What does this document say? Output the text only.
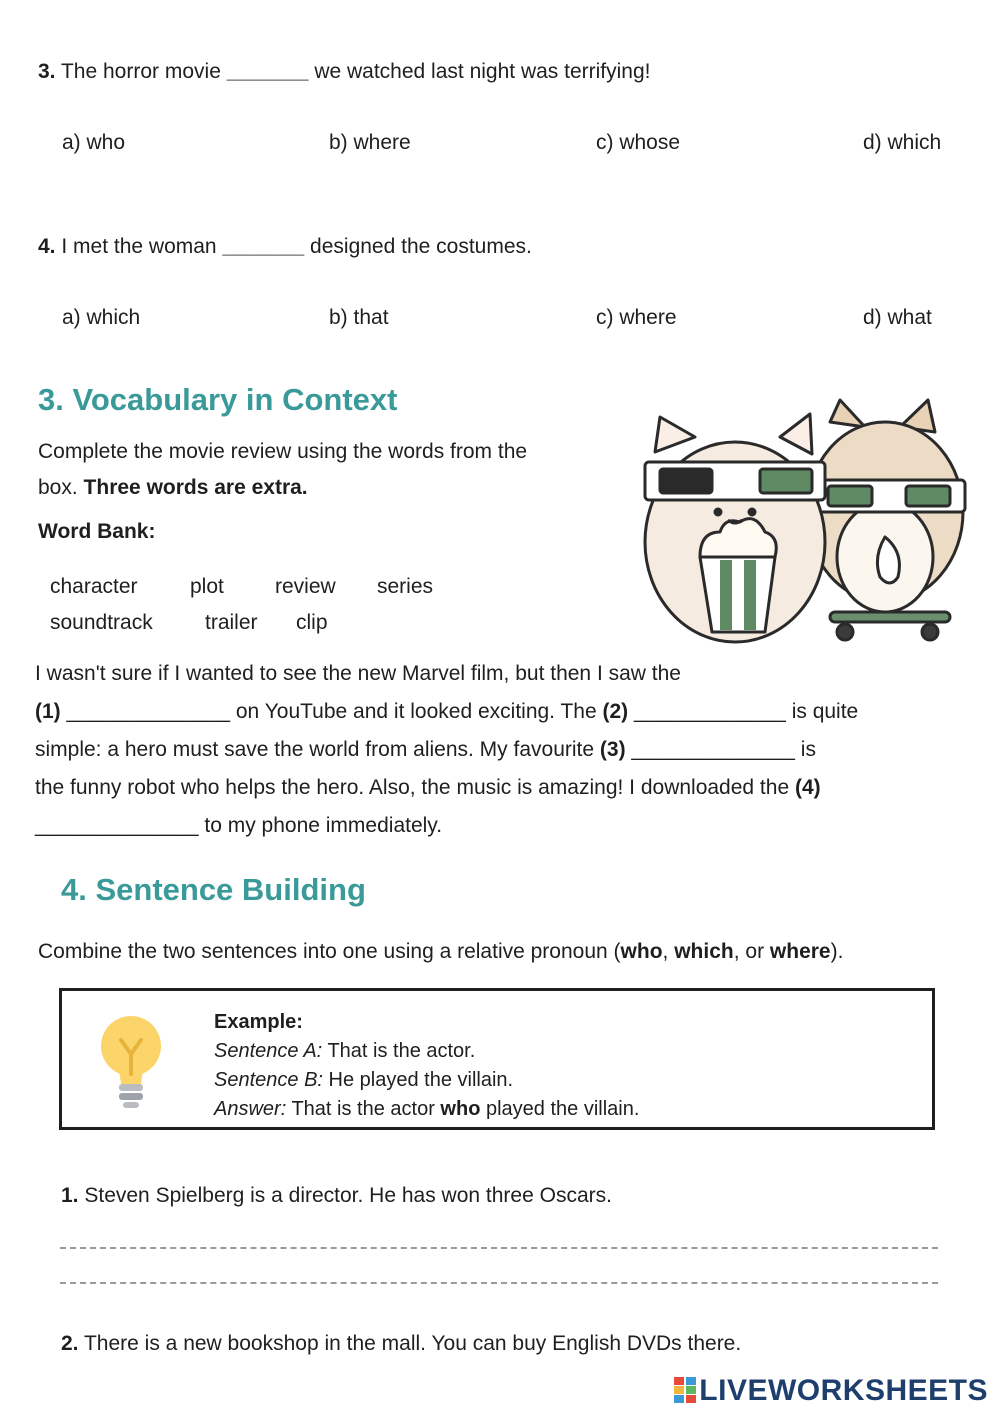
3. The horror movie _______ we watched last night was terrifying!
a) who	b) where	c) whose	d) which
4. I met the woman _______ designed the costumes.
a) which	b) that	c) where	d) what
3. Vocabulary in Context
Complete the movie review using the words from the
box. Three words are extra.
Word Bank:
character plot review series
soundtrack trailer clip
I wasn't sure if I wanted to see the new Marvel film, but then I saw the
(1) ______________ on YouTube and it looked exciting. The (2) _____________ is quite
simple: a hero must save the world from aliens. My favourite (3) ______________ is
the funny robot who helps the hero. Also, the music is amazing! I downloaded the (4)
______________ to my phone immediately.
4. Sentence Building
Combine the two sentences into one using a relative pronoun (who, which, or where).
Example:
Sentence A: That is the actor.
Sentence B: He played the villain.
Answer: That is the actor who played the villain.
1. Steven Spielberg is a director. He has won three Oscars.
2. There is a new bookshop in the mall. You can buy English DVDs there.
LIVEWORKSHEETS
